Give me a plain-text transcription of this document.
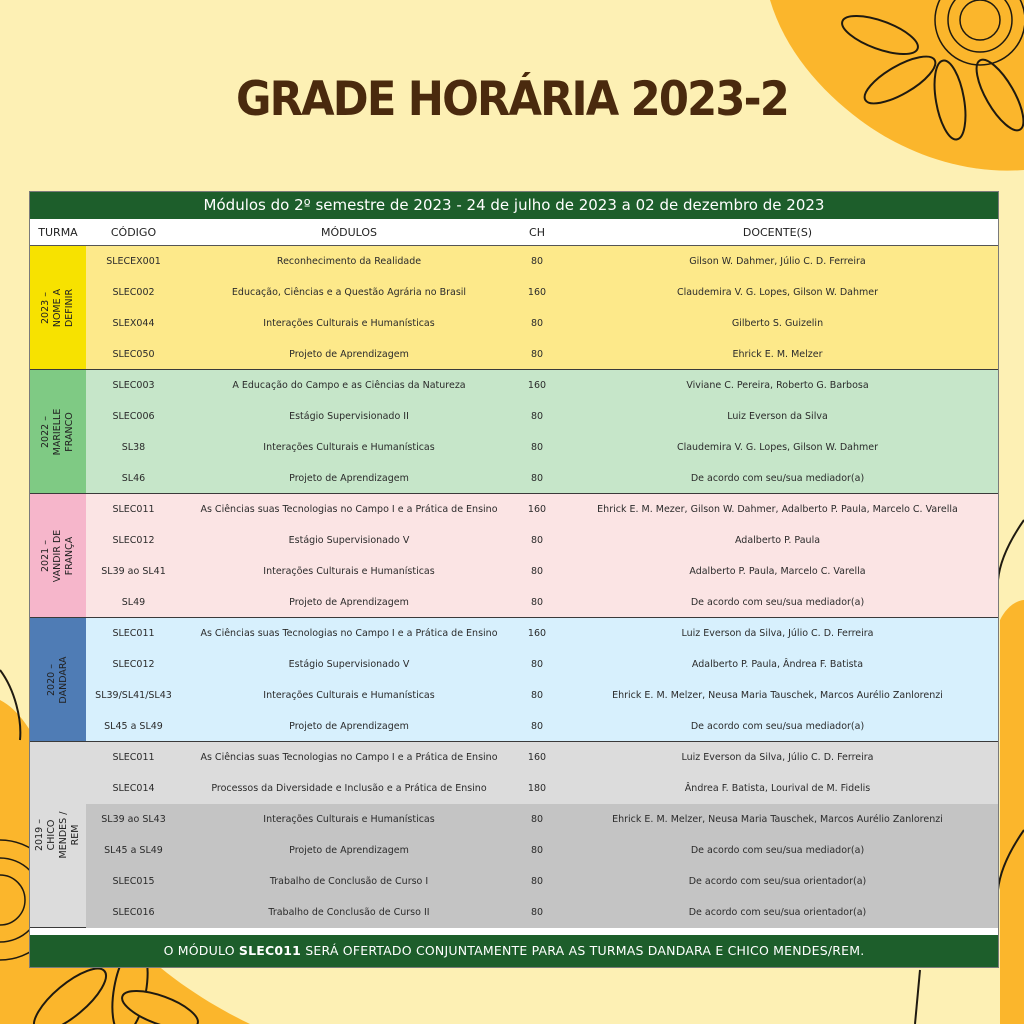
GRADE HORÁRIA 2023-2
Módulos do 2º semestre de 2023 - 24 de julho de 2023 a 02 de dezembro de 2023
TURMA	CÓDIGO	MÓDULOS	CH	DOCENTE(S)
2023 – NOME A DEFINIR
SLECEX001	Reconhecimento da Realidade	80	Gilson W. Dahmer, Júlio C. D. Ferreira
SLEC002	Educação, Ciências e a Questão Agrária no Brasil	160	Claudemira V. G. Lopes, Gilson W. Dahmer
SLEX044	Interações Culturais e Humanísticas	80	Gilberto S. Guizelin
SLEC050	Projeto de Aprendizagem	80	Ehrick E. M. Melzer
2022 – MARIELLE FRANCO
SLEC003	A Educação do Campo e as Ciências da Natureza	160	Viviane C. Pereira, Roberto G. Barbosa
SLEC006	Estágio Supervisionado II	80	Luiz Everson da Silva
SL38	Interações Culturais e Humanísticas	80	Claudemira V. G. Lopes, Gilson W. Dahmer
SL46	Projeto de Aprendizagem	80	De acordo com seu/sua mediador(a)
2021 – VANDIR DE FRANÇA
SLEC011	As Ciências suas Tecnologias no Campo I e a Prática de Ensino	160	Ehrick E. M. Mezer, Gilson W. Dahmer, Adalberto P. Paula, Marcelo C. Varella
SLEC012	Estágio Supervisionado V	80	Adalberto P. Paula
SL39 ao SL41	Interações Culturais e Humanísticas	80	Adalberto P. Paula, Marcelo C. Varella
SL49	Projeto de Aprendizagem	80	De acordo com seu/sua mediador(a)
2020 – DANDARA
SLEC011	As Ciências suas Tecnologias no Campo I e a Prática de Ensino	160	Luiz Everson da Silva, Júlio C. D. Ferreira
SLEC012	Estágio Supervisionado V	80	Adalberto P. Paula, Ândrea F. Batista
SL39/SL41/SL43	Interações Culturais e Humanísticas	80	Ehrick E. M. Melzer, Neusa Maria Tauschek, Marcos Aurélio Zanlorenzi
SL45 a SL49	Projeto de Aprendizagem	80	De acordo com seu/sua mediador(a)
2019 – CHICO MENDES / REM
SLEC011	As Ciências suas Tecnologias no Campo I e a Prática de Ensino	160	Luiz Everson da Silva, Júlio C. D. Ferreira
SLEC014	Processos da Diversidade e Inclusão e a Prática de Ensino	180	Ândrea F. Batista, Lourival de M. Fidelis
SL39 ao SL43	Interações Culturais e Humanísticas	80	Ehrick E. M. Melzer, Neusa Maria Tauschek, Marcos Aurélio Zanlorenzi
SL45 a SL49	Projeto de Aprendizagem	80	De acordo com seu/sua mediador(a)
SLEC015	Trabalho de Conclusão de Curso I	80	De acordo com seu/sua orientador(a)
SLEC016	Trabalho de Conclusão de Curso II	80	De acordo com seu/sua orientador(a)
O MÓDULO SLEC011 SERÁ OFERTADO CONJUNTAMENTE PARA AS TURMAS DANDARA E CHICO MENDES/REM.
